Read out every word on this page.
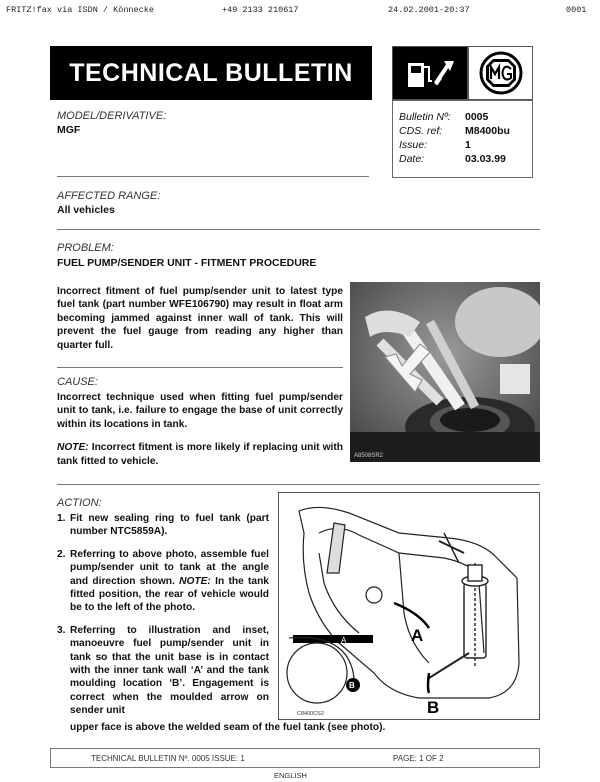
FRITZ!fax via ISDN / Könnecke	+49 2133 210617	24.02.2001-20:37	0001
TECHNICAL BULLETIN
MODEL/DERIVATIVE:
MGF
Bulletin Nº: 0005
CDS. ref: M8400bu
Issue:	1
Date:	03.03.99
AFFECTED RANGE:
All vehicles
PROBLEM:
FUEL PUMP/SENDER UNIT - FITMENT PROCEDURE

Incorrect fitment of fuel pump/sender unit to latest type fuel tank (part number WFE106790) may result in float arm becoming jammed against inner wall of tank. This will prevent the fuel gauge from reading any higher than quarter full.

A8508SR2
CAUSE:

Incorrect technique used when fitting fuel pump/sender unit to tank, i.e. failure to engage the base of unit correctly within its locations in tank.

NOTE: Incorrect fitment is more likely if replacing unit with tank fitted to vehicle.

ACTION:
1. Fit new sealing ring to fuel tank (part number NTC5859A).
2. Referring to above photo, assemble fuel pump/sender unit to tank at the angle and direction shown. NOTE: In the tank fitted position, the rear of vehicle would be to the left of the photo.
3. Referring to illustration and inset, manoeuvre fuel pump/sender unit in tank so that the unit base is in contact with the inner tank wall ‘A’ and the tank moulding location ‘B’. Engagement is correct when the moulded arrow on sender unit
upper face is above the welded seam of the fuel tank (see photo).
A
B
A
B
C8400CS2
TECHNICAL BULLETIN Nº. 0005 ISSUE: 1	PAGE: 1 OF 2
ENGLISH
